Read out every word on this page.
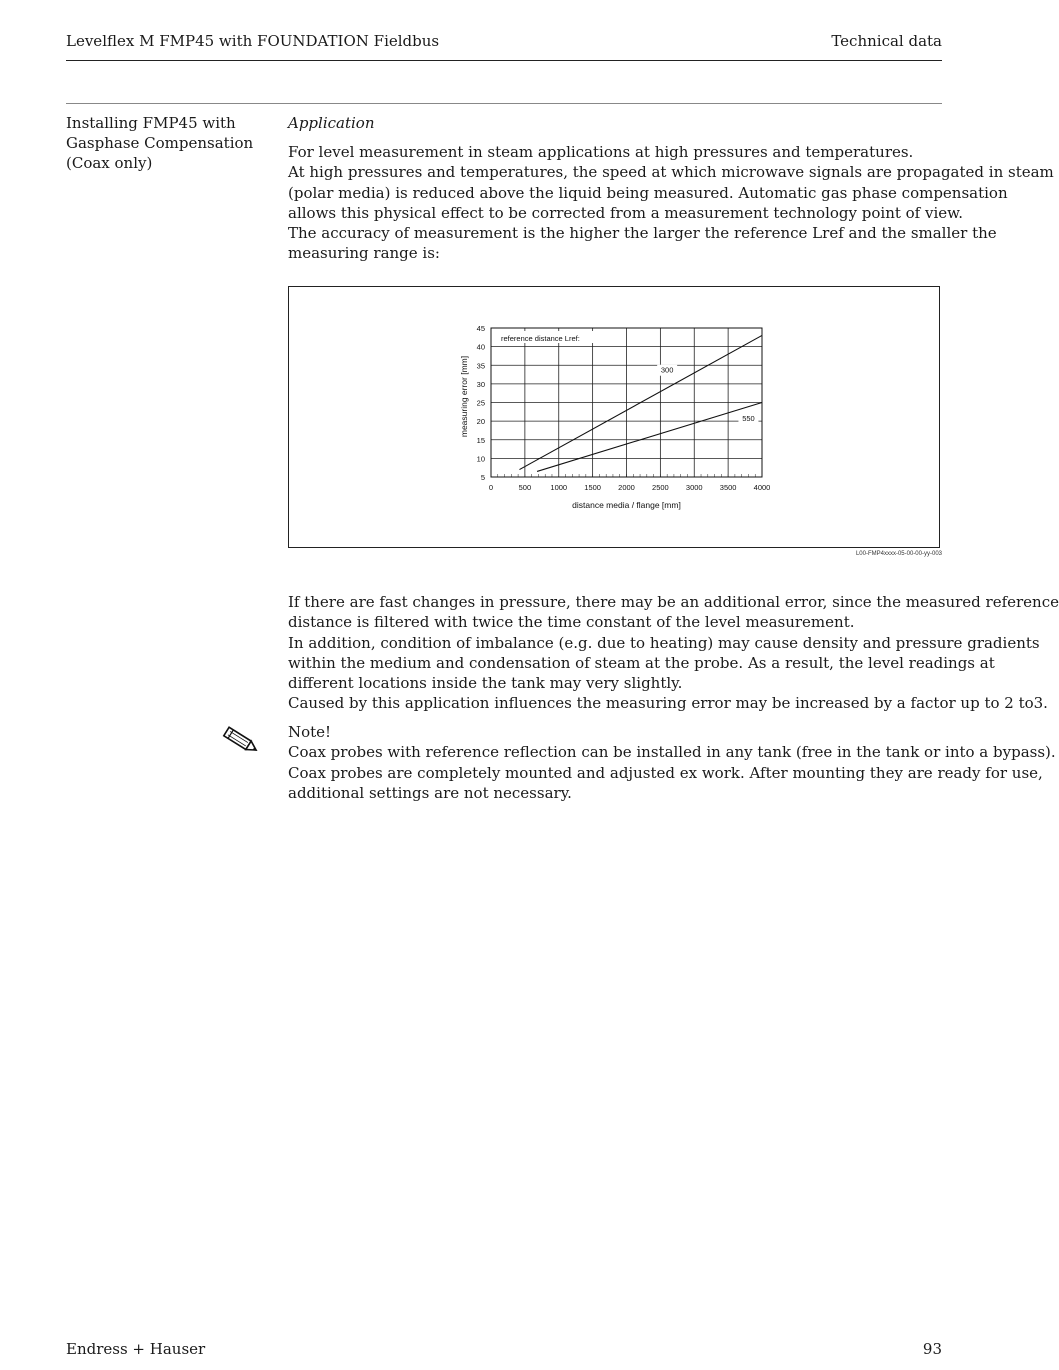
Levelflex M FMP45 with FOUNDATION Fieldbus	Technical data
Installing FMP45 with
Gasphase Compensation
(Coax only)
Application
For level measurement in steam applications at high pressures and temperatures.
At high pressures and temperatures, the speed at which microwave signals are propagated in steam
(polar media) is reduced above the liquid being measured. Automatic gas phase compensation
allows this physical effect to be corrected from a measurement technology point of view.
The accuracy of measurement is the higher the larger the reference Lref and the smaller the
measuring range is:
reference distance Lref:
300
550
0	500	1000 1500 2000 2500 3000 3500 4000
5
10
15
20
25
30
35
40
45
distance media / flange [mm]
measuring error [mm]
L00-FMP4xxxx-05-00-00-yy-003
If there are fast changes in pressure, there may be an additional error, since the measured reference
distance is filtered with twice the time constant of the level measurement.
In addition, condition of imbalance (e.g. due to heating) may cause density and pressure gradients
within the medium and condensation of steam at the probe. As a result, the level readings at
different locations inside the tank may very slightly.
Caused by this application influences the measuring error may be increased by a factor up to 2 to3.
Note!
Coax probes with reference reflection can be installed in any tank (free in the tank or into a bypass).
Coax probes are completely mounted and adjusted ex work. After mounting they are ready for use,
additional settings are not necessary.
Endress + Hauser	93
